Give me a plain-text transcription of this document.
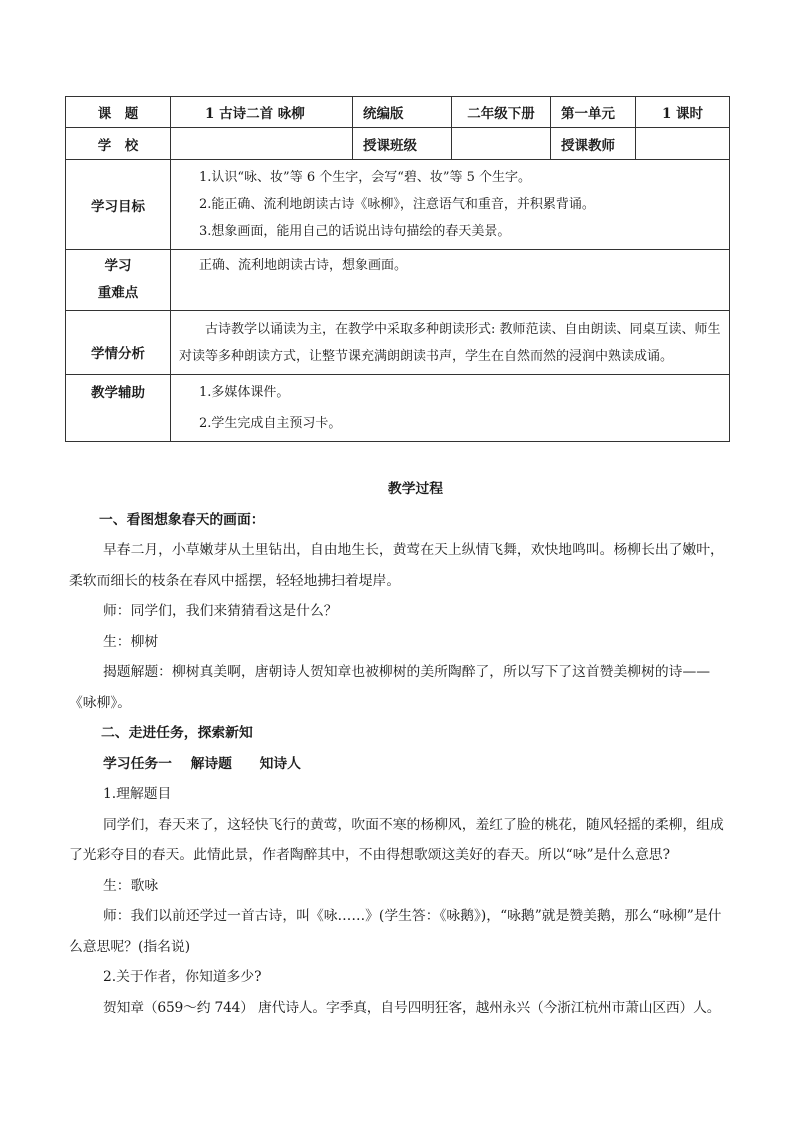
课　题	1 古诗二首 咏柳	统编版	二年级下册	第一单元	1 课时
学　校		授课班级		授课教师	
学习目标	1.认识“咏、妆”等 6 个生字，会写“碧、妆”等 5 个生字。

2.能正确、流利地朗读古诗《咏柳》，注意语气和重音，并积累背诵。

3.想象画面，能用自己的话说出诗句描绘的春天美景。				

学习
重难点	正确、流利地朗读古诗，想象画面。				

学情分析	古诗教学以诵读为主，在教学中采取多种朗读形式: 教师范读、自由朗读、同桌互读、师生对读等多种朗读方式，让整节课充满朗朗读书声，学生在自然而然的浸润中熟读成诵。				

教学辅助	1.多媒体课件。

2.学生完成自主预习卡。				

教学过程

一、看图想象春天的画面：

早春二月，小草嫩芽从土里钻出，自由地生长，黄莺在天上纵情飞舞，欢快地鸣叫。杨柳长出了嫩叶，柔软而细长的枝条在春风中摇摆，轻轻地拂扫着堤岸。

师：同学们，我们来猜猜看这是什么？

生：柳树

揭题解题：柳树真美啊，唐朝诗人贺知章也被柳树的美所陶醉了，所以写下了这首赞美柳树的诗——《咏柳》。

二、走进任务，探索新知

学习任务一　 解诗题　　知诗人

1.理解题目

同学们，春天来了，这轻快飞行的黄莺，吹面不寒的杨柳风，羞红了脸的桃花，随风轻摇的柔柳，组成了光彩夺目的春天。此情此景，作者陶醉其中，不由得想歌颂这美好的春天。所以“咏”是什么意思?

生：歌咏

师：我们以前还学过一首古诗，叫《咏……》(学生答：《咏鹅》)，“咏鹅”就是赞美鹅，那么“咏柳”是什么意思呢？(指名说)

2.关于作者，你知道多少?

贺知章（659～约 744） 唐代诗人。字季真，自号四明狂客，越州永兴（今浙江杭州市萧山区西）人。
